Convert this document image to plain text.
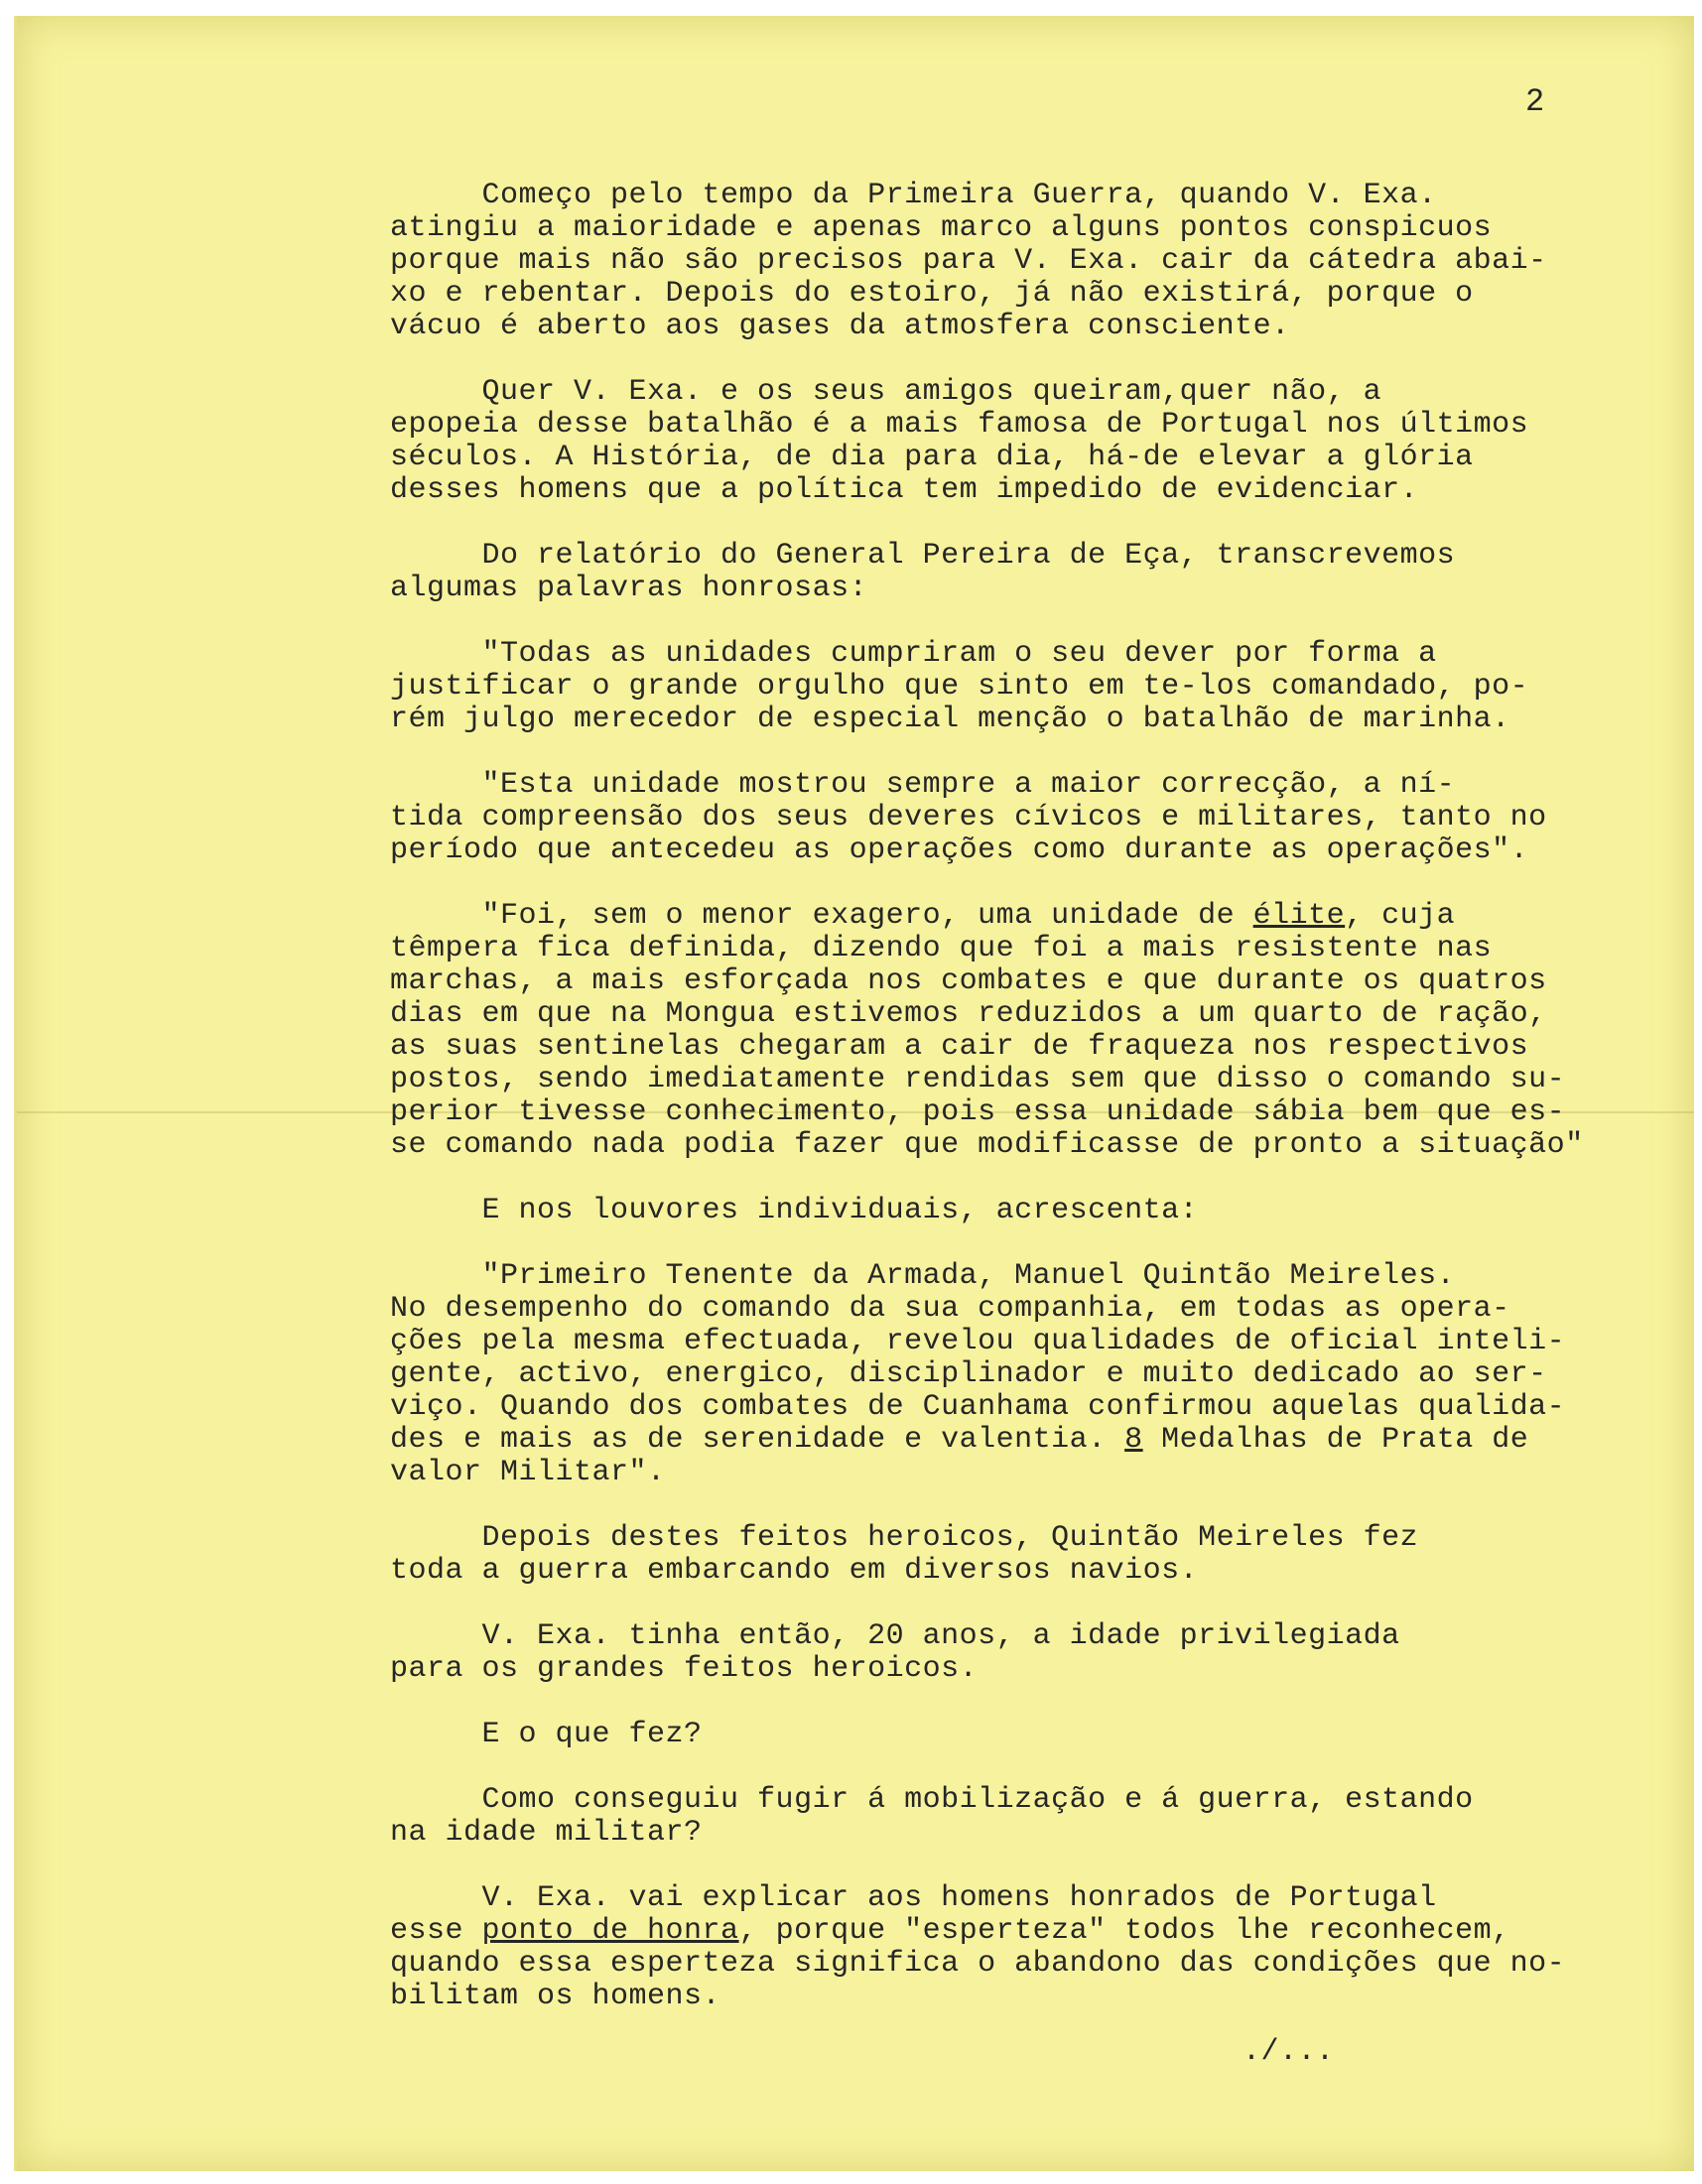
2
Começo pelo tempo da Primeira Guerra, quando V. Exa.
atingiu a maioridade e apenas marco alguns pontos conspicuos
porque mais não são precisos para V. Exa. cair da cátedra abai-
xo e rebentar. Depois do estoiro, já não existirá, porque o
vácuo é aberto aos gases da atmosfera consciente.
Quer V. Exa. e os seus amigos queiram,quer não, a
epopeia desse batalhão é a mais famosa de Portugal nos últimos
séculos. A História, de dia para dia, há-de elevar a glória
desses homens que a política tem impedido de evidenciar.
Do relatório do General Pereira de Eça, transcrevemos
algumas palavras honrosas:
"Todas as unidades cumpriram o seu dever por forma a
justificar o grande orgulho que sinto em te-los comandado, po-
rém julgo merecedor de especial menção o batalhão de marinha.
"Esta unidade mostrou sempre a maior correcção, a ní-
tida compreensão dos seus deveres cívicos e militares, tanto no
período que antecedeu as operações como durante as operações".
"Foi, sem o menor exagero, uma unidade de élite, cuja
têmpera fica definida, dizendo que foi a mais resistente nas
marchas, a mais esforçada nos combates e que durante os quatros
dias em que na Mongua estivemos reduzidos a um quarto de ração,
as suas sentinelas chegaram a cair de fraqueza nos respectivos
postos, sendo imediatamente rendidas sem que disso o comando su-
perior tivesse conhecimento, pois essa unidade sábia bem que es-
se comando nada podia fazer que modificasse de pronto a situação"
E nos louvores individuais, acrescenta:
"Primeiro Tenente da Armada, Manuel Quintão Meireles.
No desempenho do comando da sua companhia, em todas as opera-
ções pela mesma efectuada, revelou qualidades de oficial inteli-
gente, activo, energico, disciplinador e muito dedicado ao ser-
viço. Quando dos combates de Cuanhama confirmou aquelas qualida-
des e mais as de serenidade e valentia. 8 Medalhas de Prata de
valor Militar".
Depois destes feitos heroicos, Quintão Meireles fez
toda a guerra embarcando em diversos navios.
V. Exa. tinha então, 20 anos, a idade privilegiada
para os grandes feitos heroicos.
E o que fez?
Como conseguiu fugir á mobilização e á guerra, estando
na idade militar?
V. Exa. vai explicar aos homens honrados de Portugal
esse ponto de honra, porque "esperteza" todos lhe reconhecem,
quando essa esperteza significa o abandono das condições que no-
bilitam os homens.
./...
